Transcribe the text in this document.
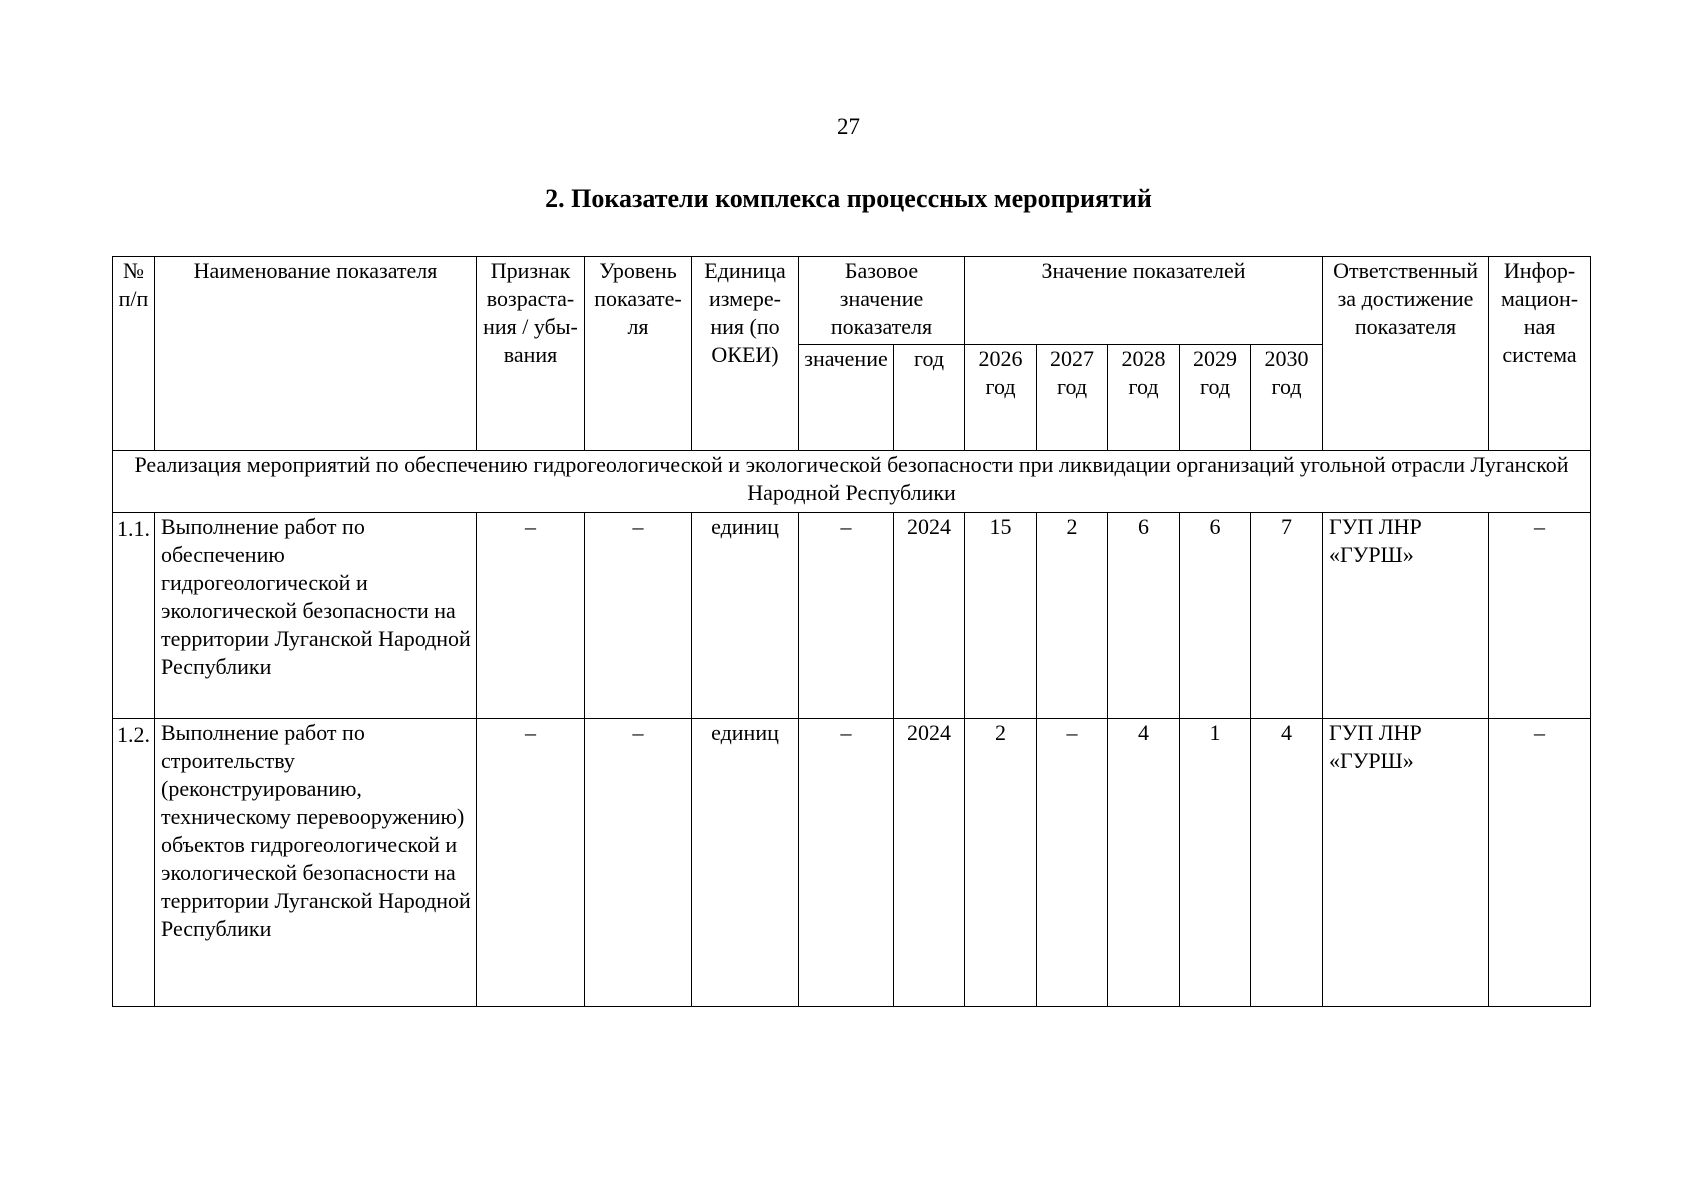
27
2. Показатели комплекса процессных мероприятий
№ п/п	Наименование показателя	Признак возраста-ния / убы-вания	Уровень показате-ля	Единица измере-ния (по ОКЕИ)	Базовое значение показателя		Значение показателей					Ответственный за достижение показателя	Инфор-мацион-ная система
					значение	год	2026 год	2027 год	2028 год	2029 год	2030 год		
Реализация мероприятий по обеспечению гидрогеологической и экологической безопасности при ликвидации организаций угольной отрасли Луганской Народной Республики													
1.1.	Выполнение работ по обеспечению гидрогеологической и экологической безопасности на территории Луганской Народной Республики	–	–	единиц	–	2024	15	2	6	6	7	ГУП ЛНР «ГУРШ»	–
1.2.	Выполнение работ по строительству (реконструированию, техническому перевооружению) объектов гидрогеологической и экологической безопасности на территории Луганской Народной Республики	–	–	единиц	–	2024	2	–	4	1	4	ГУП ЛНР «ГУРШ»	–
